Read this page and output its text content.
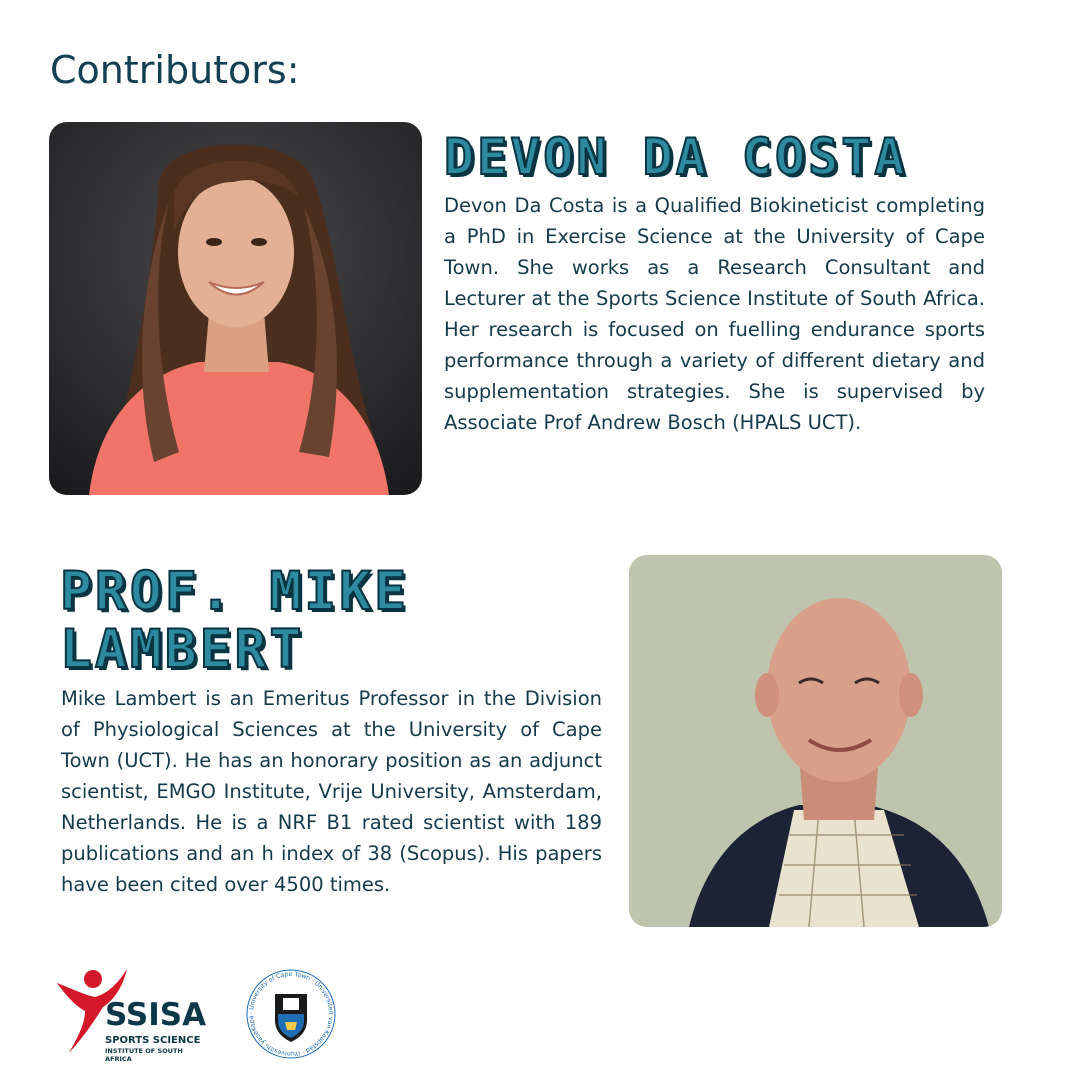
Contributors:
DEVON DA COSTA

Devon Da Costa is a Qualified Biokineticist completing a PhD in Exercise Science at the University of Cape Town. She works as a Research Consultant and Lecturer at the Sports Science Institute of South Africa. Her research is focused on fuelling endurance sports performance through a variety of different dietary and supplementation strategies. She is supervised by Associate Prof Andrew Bosch (HPALS UCT).

PROF. MIKE LAMBERT

Mike Lambert is an Emeritus Professor in the Division of Physiological Sciences at the University of Cape Town (UCT). He has an honorary position as an adjunct scientist, EMGO Institute, Vrije University, Amsterdam, Netherlands. He is a NRF B1 rated scientist with 189 publications and an h index of 38 (Scopus). His papers have been cited over 4500 times.

SSISA
SPORTS SCIENCE
INSTITUTE OF SOUTH AFRICA
· University of Cape Town · Universiteit van Kaapstad · iYunivesithi yaseKapa
